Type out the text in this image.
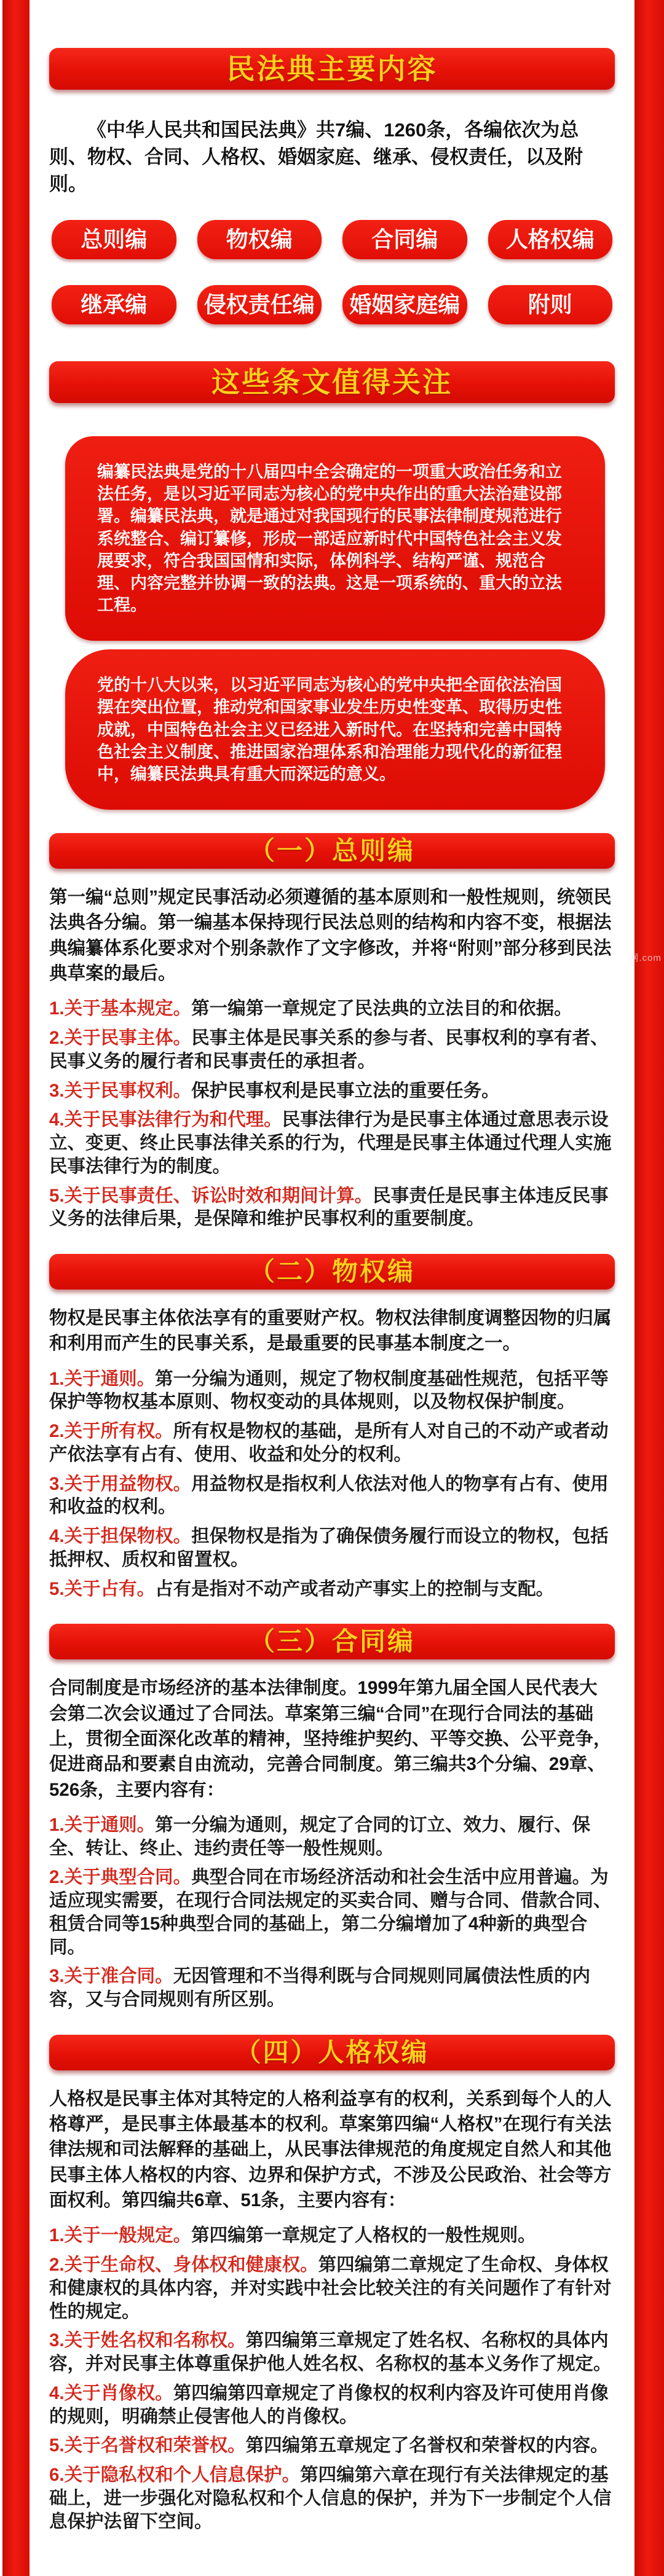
网.com
民法典主要内容

《中华人民共和国民法典》共7编、1260条，各编依次为总则、物权、合同、人格权、婚姻家庭、继承、侵权责任，以及附则。

总则编	物权编	合同编	人格权编
继承编	侵权责任编	婚姻家庭编	附则
这些条文值得关注
编纂民法典是党的十八届四中全会确定的一项重大政治任务和立法任务，是以习近平同志为核心的党中央作出的重大法治建设部署。编纂民法典，就是通过对我国现行的民事法律制度规范进行系统整合、编订纂修，形成一部适应新时代中国特色社会主义发展要求，符合我国国情和实际，体例科学、结构严谨、规范合理、内容完整并协调一致的法典。这是一项系统的、重大的立法工程。
党的十八大以来，以习近平同志为核心的党中央把全面依法治国摆在突出位置，推动党和国家事业发生历史性变革、取得历史性成就，中国特色社会主义已经进入新时代。在坚持和完善中国特色社会主义制度、推进国家治理体系和治理能力现代化的新征程中，编纂民法典具有重大而深远的意义。
（一）总则编

第一编“总则”规定民事活动必须遵循的基本原则和一般性规则，统领民法典各分编。第一编基本保持现行民法总则的结构和内容不变，根据法典编纂体系化要求对个别条款作了文字修改，并将“附则”部分移到民法典草案的最后。

1.关于基本规定。第一编第一章规定了民法典的立法目的和依据。

2.关于民事主体。民事主体是民事关系的参与者、民事权利的享有者、民事义务的履行者和民事责任的承担者。

3.关于民事权利。保护民事权利是民事立法的重要任务。

4.关于民事法律行为和代理。民事法律行为是民事主体通过意思表示设立、变更、终止民事法律关系的行为，代理是民事主体通过代理人实施民事法律行为的制度。

5.关于民事责任、诉讼时效和期间计算。民事责任是民事主体违反民事义务的法律后果，是保障和维护民事权利的重要制度。

（二）物权编

物权是民事主体依法享有的重要财产权。物权法律制度调整因物的归属和利用而产生的民事关系，是最重要的民事基本制度之一。

1.关于通则。第一分编为通则，规定了物权制度基础性规范，包括平等保护等物权基本原则、物权变动的具体规则，以及物权保护制度。

2.关于所有权。所有权是物权的基础，是所有人对自己的不动产或者动产依法享有占有、使用、收益和处分的权利。

3.关于用益物权。用益物权是指权利人依法对他人的物享有占有、使用和收益的权利。

4.关于担保物权。担保物权是指为了确保债务履行而设立的物权，包括抵押权、质权和留置权。

5.关于占有。占有是指对不动产或者动产事实上的控制与支配。

（三）合同编

合同制度是市场经济的基本法律制度。1999年第九届全国人民代表大会第二次会议通过了合同法。草案第三编“合同”在现行合同法的基础上，贯彻全面深化改革的精神，坚持维护契约、平等交换、公平竞争，促进商品和要素自由流动，完善合同制度。第三编共3个分编、29章、526条，主要内容有：

1.关于通则。第一分编为通则，规定了合同的订立、效力、履行、保全、转让、终止、违约责任等一般性规则。

2.关于典型合同。典型合同在市场经济活动和社会生活中应用普遍。为适应现实需要，在现行合同法规定的买卖合同、赠与合同、借款合同、租赁合同等15种典型合同的基础上，第二分编增加了4种新的典型合同。

3.关于准合同。无因管理和不当得利既与合同规则同属债法性质的内容，又与合同规则有所区别。

（四）人格权编

人格权是民事主体对其特定的人格利益享有的权利，关系到每个人的人格尊严，是民事主体最基本的权利。草案第四编“人格权”在现行有关法律法规和司法解释的基础上，从民事法律规范的角度规定自然人和其他民事主体人格权的内容、边界和保护方式，不涉及公民政治、社会等方面权利。第四编共6章、51条，主要内容有：

1.关于一般规定。第四编第一章规定了人格权的一般性规则。

2.关于生命权、身体权和健康权。第四编第二章规定了生命权、身体权和健康权的具体内容，并对实践中社会比较关注的有关问题作了有针对性的规定。

3.关于姓名权和名称权。第四编第三章规定了姓名权、名称权的具体内容，并对民事主体尊重保护他人姓名权、名称权的基本义务作了规定。

4.关于肖像权。第四编第四章规定了肖像权的权利内容及许可使用肖像的规则，明确禁止侵害他人的肖像权。

5.关于名誉权和荣誉权。第四编第五章规定了名誉权和荣誉权的内容。

6.关于隐私权和个人信息保护。第四编第六章在现行有关法律规定的基础上，进一步强化对隐私权和个人信息的保护，并为下一步制定个人信息保护法留下空间。
